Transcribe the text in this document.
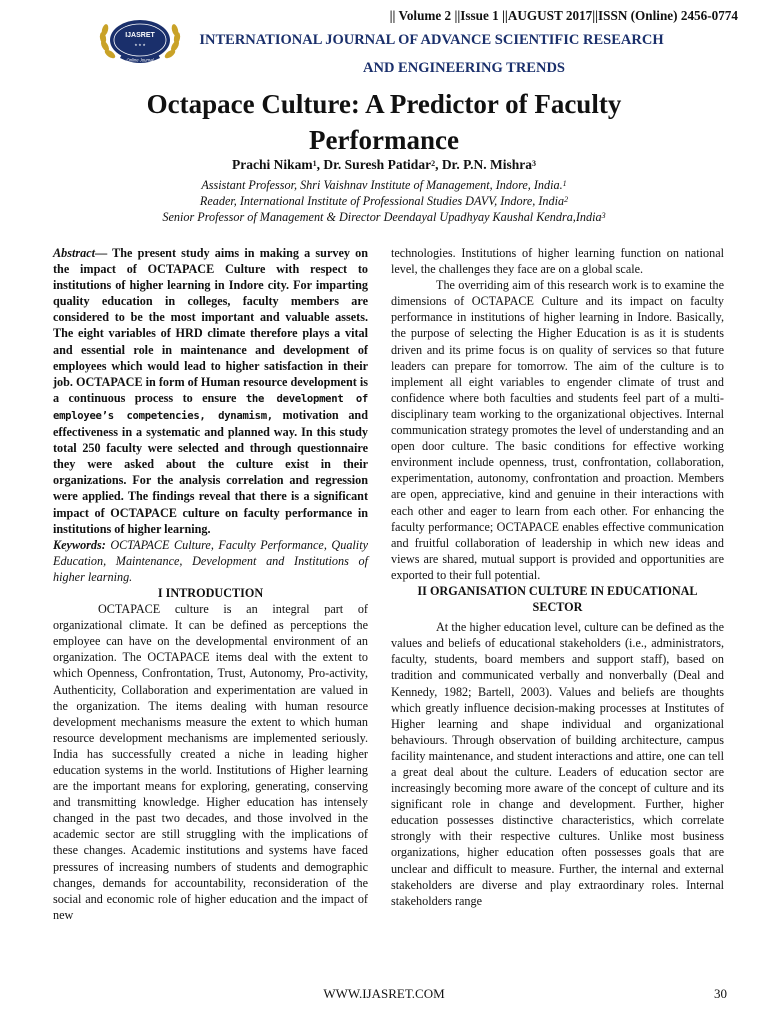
|| Volume 2 ||Issue 1 ||AUGUST 2017||ISSN (Online) 2456-0774
IJASRET
★ ★ ★
Online Journal
INTERNATIONAL JOURNAL OF ADVANCE SCIENTIFIC RESEARCH
AND ENGINEERING TRENDS
Octapace Culture: A Predictor of Faculty
Performance
Prachi Nikam$^1$, Dr. Suresh Patidar$^2$, Dr. P.N. Mishra$^3$
Assistant Professor, Shri Vaishnav Institute of Management, Indore, India.$^1$
Reader, International Institute of Professional Studies DAVV, Indore, India$^2$
Senior Professor of Management & Director Deendayal Upadhyay Kaushal Kendra,India$^3$

Abstract— The present study aims in making a survey on the impact of OCTAPACE Culture with respect to institutions of higher learning in Indore city. For imparting quality education in colleges, faculty members are considered to be the most important and valuable assets. The eight variables of HRD climate therefore plays a vital and essential role in maintenance and development of employees which would lead to higher satisfaction in their job. OCTAPACE in form of Human resource development is a continuous process to ensure the development of employee’s competencies, dynamism, motivation and effectiveness in a systematic and planned way. In this study total 250 faculty were selected and through questionnaire they were asked about the culture exist in their organizations. For the analysis correlation and regression were applied. The findings reveal that there is a significant impact of OCTAPACE culture on faculty performance in institutions of higher learning.

Keywords: OCTAPACE Culture, Faculty Performance, Quality Education, Maintenance, Development and Institutions of higher learning.

I INTRODUCTION

OCTAPACE culture is an integral part of organizational climate. It can be defined as perceptions the employee can have on the developmental environment of an organization. The OCTAPACE items deal with the extent to which Openness, Confrontation, Trust, Autonomy, Pro-activity, Authenticity, Collaboration and experimentation are valued in the organization. The items dealing with human resource development mechanisms measure the extent to which human resource development mechanisms are implemented seriously. India has successfully created a niche in leading higher education systems in the world. Institutions of Higher learning are the important means for exploring, generating, conserving and transmitting knowledge. Higher education has intensely changed in the past two decades, and those involved in the academic sector are still struggling with the implications of these changes. Academic institutions and systems have faced pressures of increasing numbers of students and demographic changes, demands for accountability, reconsideration of the social and economic role of higher education and the impact of new

technologies. Institutions of higher learning function on national level, the challenges they face are on a global scale.

The overriding aim of this research work is to examine the dimensions of OCTAPACE Culture and its impact on faculty performance in institutions of higher learning in Indore. Basically, the purpose of selecting the Higher Education is as it is students driven and its prime focus is on quality of services so that future leaders can prepare for tomorrow. The aim of the culture is to implement all eight variables to engender climate of trust and confidence where both faculties and students feel part of a multi-disciplinary team working to the organizational objectives. Internal communication strategy promotes the level of understanding and an open door culture. The basic conditions for effective working environment include openness, trust, confrontation, collaboration, experimentation, autonomy, confrontation and proaction. Members are open, appreciative, kind and genuine in their interactions with each other and eager to learn from each other. For enhancing the faculty performance; OCTAPACE enables effective communication and fruitful collaboration of leadership in which new ideas and views are shared, mutual support is provided and opportunities are exported to their full potential.

II ORGANISATION CULTURE IN EDUCATIONAL
SECTOR

At the higher education level, culture can be defined as the values and beliefs of educational stakeholders (i.e., administrators, faculty, students, board members and support staff), based on tradition and communicated verbally and nonverbally (Deal and Kennedy, 1982; Bartell, 2003). Values and beliefs are thoughts which greatly influence decision-making processes at Institutes of Higher learning and shape individual and organizational behaviours. Through observation of building architecture, campus facility maintenance, and student interactions and attire, one can tell a great deal about the culture. Leaders of education sector are increasingly becoming more aware of the concept of culture and its significant role in change and development. Further, higher education possesses distinctive characteristics, which correlate strongly with their respective cultures. Unlike most business organizations, higher education often possesses goals that are unclear and difficult to measure. Further, the internal and external stakeholders are diverse and play extraordinary roles. Internal stakeholders range

WWW.IJASRET.COM	30
